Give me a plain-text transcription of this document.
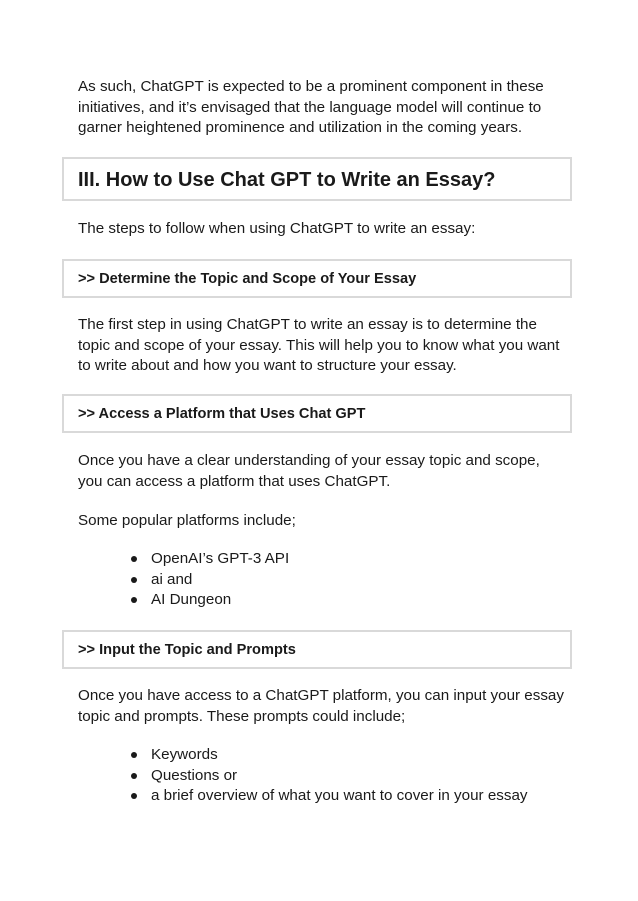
As such, ChatGPT is expected to be a prominent component in these
initiatives, and it’s envisaged that the language model will continue to
garner heightened prominence and utilization in the coming years.

III. How to Use Chat GPT to Write an Essay?

The steps to follow when using ChatGPT to write an essay:

>> Determine the Topic and Scope of Your Essay

The first step in using ChatGPT to write an essay is to determine the
topic and scope of your essay. This will help you to know what you want
to write about and how you want to structure your essay.

>> Access a Platform that Uses Chat GPT

Once you have a clear understanding of your essay topic and scope,
you can access a platform that uses ChatGPT.

Some popular platforms include;

OpenAI’s GPT-3 API
ai and
AI Dungeon
>> Input the Topic and Prompts

Once you have access to a ChatGPT platform, you can input your essay
topic and prompts. These prompts could include;

Keywords
Questions or
a brief overview of what you want to cover in your essay
